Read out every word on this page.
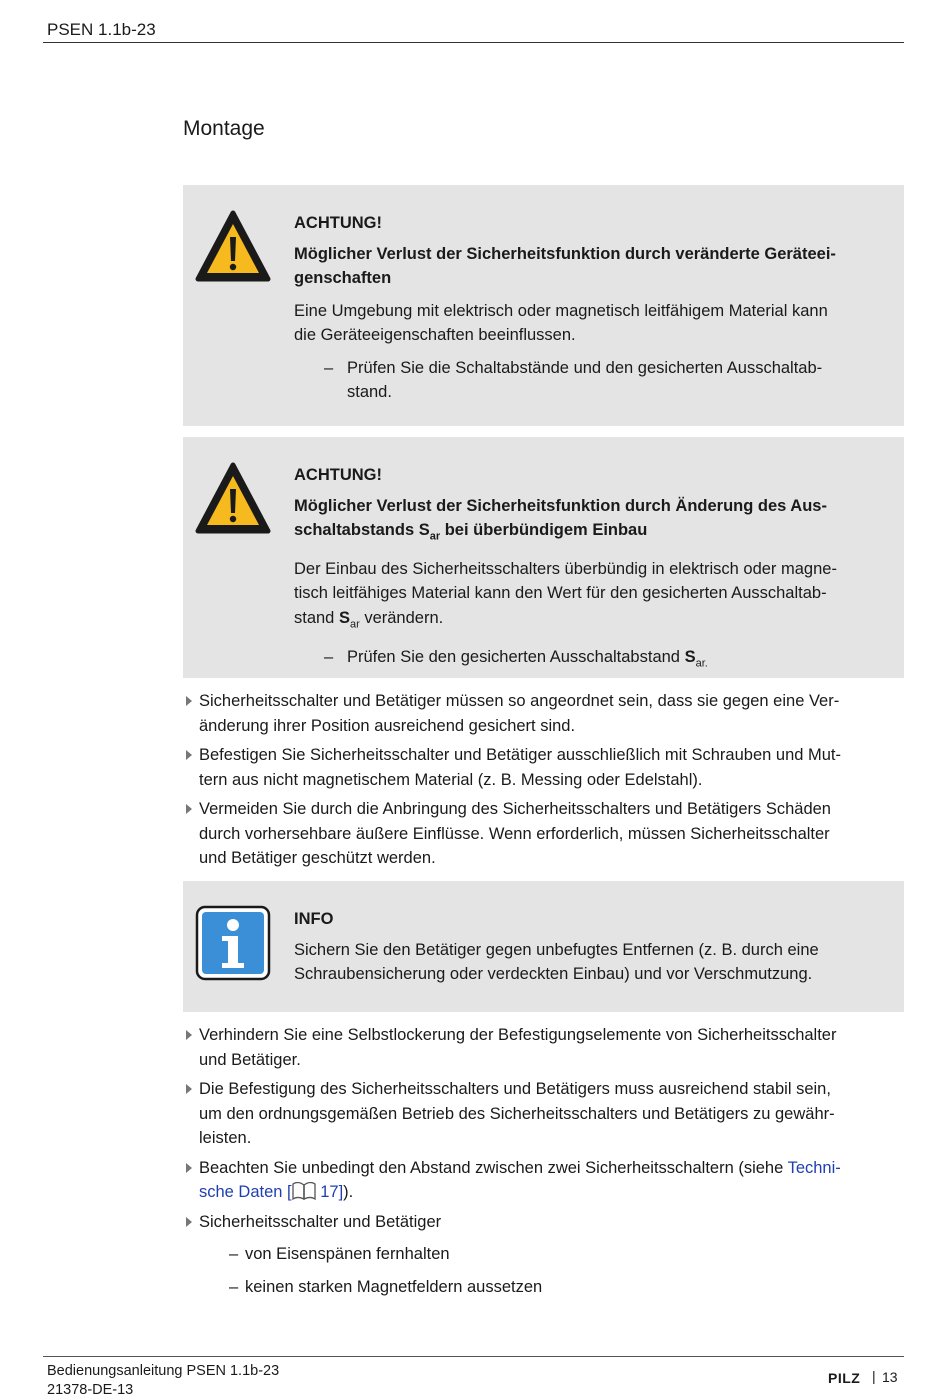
PSEN 1.1b-23
Montage
ACHTUNG!
Möglicher Verlust der Sicherheitsfunktion durch veränderte Geräteei-
genschaften
Eine Umgebung mit elektrisch oder magnetisch leitfähigem Material kann
die Geräteeigenschaften beeinflussen.
– Prüfen Sie die Schaltabstände und den gesicherten Ausschaltab-
stand.
ACHTUNG!
Möglicher Verlust der Sicherheitsfunktion durch Änderung des Aus-
schaltabstands $S_{ar}$ bei überbündigem Einbau
Der Einbau des Sicherheitsschalters überbündig in elektrisch oder magne-
tisch leitfähiges Material kann den Wert für den gesicherten Ausschaltab-
stand $S_{ar}$ verändern.
– Prüfen Sie den gesicherten Ausschaltabstand $S_{ar.}$
Sicherheitsschalter und Betätiger müssen so angeordnet sein, dass sie gegen eine Ver-
änderung ihrer Position ausreichend gesichert sind.
Befestigen Sie Sicherheitsschalter und Betätiger ausschließlich mit Schrauben und Mut-
tern aus nicht magnetischem Material (z. B. Messing oder Edelstahl).
Vermeiden Sie durch die Anbringung des Sicherheitsschalters und Betätigers Schäden
durch vorhersehbare äußere Einflüsse. Wenn erforderlich, müssen Sicherheitsschalter
und Betätiger geschützt werden.
INFO
Sichern Sie den Betätiger gegen unbefugtes Entfernen (z. B. durch eine
Schraubensicherung oder verdeckten Einbau) und vor Verschmutzung.
Verhindern Sie eine Selbstlockerung der Befestigungselemente von Sicherheitsschalter
und Betätiger.
Die Befestigung des Sicherheitsschalters und Betätigers muss ausreichend stabil sein,
um den ordnungsgemäßen Betrieb des Sicherheitsschalters und Betätigers zu gewähr-
leisten.
Beachten Sie unbedingt den Abstand zwischen zwei Sicherheitsschaltern (siehe Techni-
sche Daten [ 17]).
Sicherheitsschalter und Betätiger
– von Eisenspänen fernhalten
– keinen starken Magnetfeldern aussetzen
Bedienungsanleitung PSEN 1.1b-23
21378-DE-13
PILZ | 13
